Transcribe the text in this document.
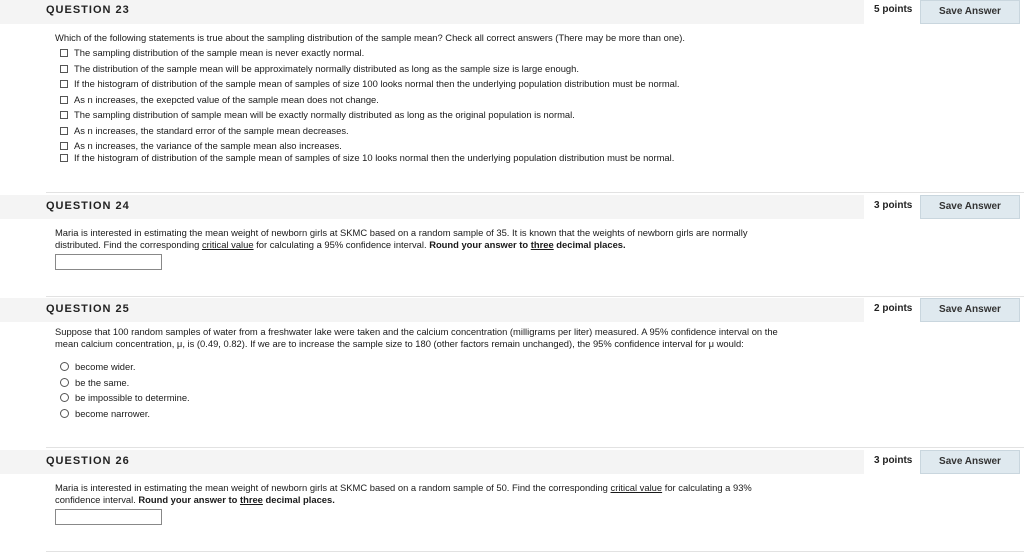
QUESTION 23	5 points	Save Answer
Which of the following statements is true about the sampling distribution of the sample mean? Check all correct answers (There may be more than one).
The sampling distribution of the sample mean is never exactly normal.
The distribution of the sample mean will be approximately normally distributed as long as the sample size is large enough.
If the histogram of distribution of the sample mean of samples of size 100 looks normal then the underlying population distribution must be normal.
As n increases, the exepcted value of the sample mean does not change.
The sampling distribution of sample mean will be exactly normally distributed as long as the original population is normal.
As n increases, the standard error of the sample mean decreases.
As n increases, the variance of the sample mean also increases.
If the histogram of distribution of the sample mean of samples of size 10 looks normal then the underlying population distribution must be normal.
QUESTION 24	3 points	Save Answer
Maria is interested in estimating the mean weight of newborn girls at SKMC based on a random sample of 35. It is known that the weights of newborn girls are normally distributed. Find the corresponding critical value for calculating a 95% confidence interval. Round your answer to three decimal places.
QUESTION 25	2 points	Save Answer
Suppose that 100 random samples of water from a freshwater lake were taken and the calcium concentration (milligrams per liter) measured. A 95% confidence interval on the mean calcium concentration, μ, is (0.49, 0.82). If we are to increase the sample size to 180 (other factors remain unchanged), the 95% confidence interval for μ would:
become wider.
be the same.
be impossible to determine.
become narrower.
QUESTION 26	3 points	Save Answer
Maria is interested in estimating the mean weight of newborn girls at SKMC based on a random sample of 50. Find the corresponding critical value for calculating a 93% confidence interval. Round your answer to three decimal places.
